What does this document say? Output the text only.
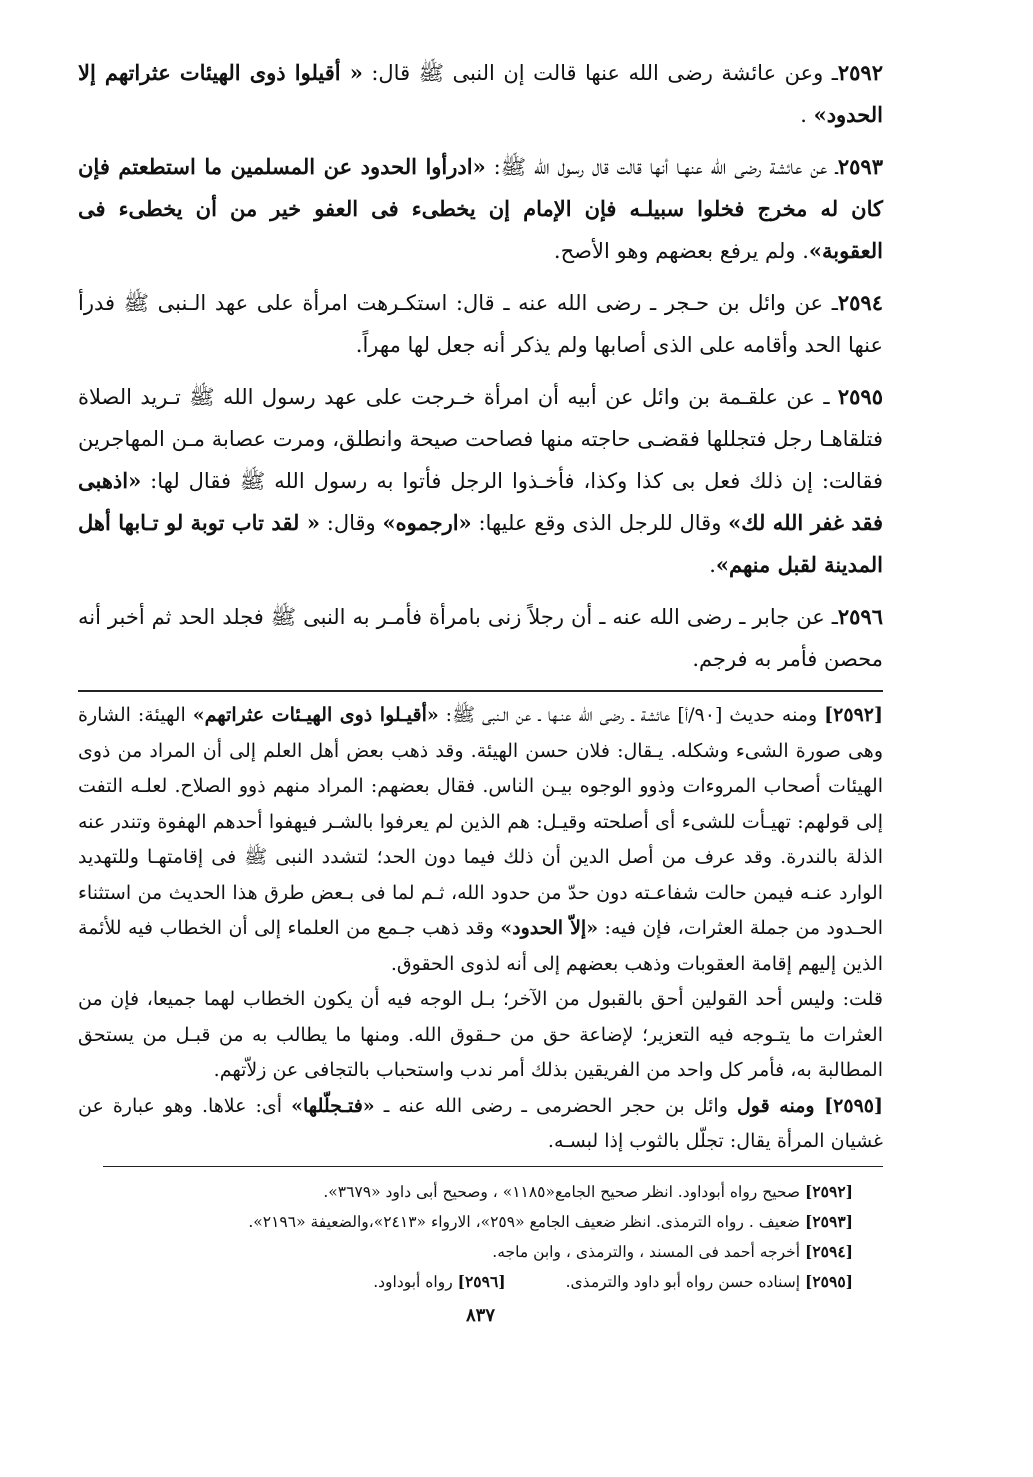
٢٥٩٢ـ وعن عائشة رضى الله عنها قالت إن النبى ﷺ قال: « أقيلوا ذوى الهيئات عثراتهم إلا الحدود» .

٢٥٩٣ـ عن عائشة رضى الله عنهـا أنها قالت قال رسول الله ﷺ: «ادرأوا الحدود عن المسلمين ما استطعتم فإن كان له مخرج فخلوا سبيلـه فإن الإمام إن يخطىء فى العفو خير من أن يخطىء فى العقوبة». ولم يرفع بعضهم وهو الأصح.

٢٥٩٤ـ عن وائل بن حـجر ـ رضى الله عنه ـ قال: استكـرهت امرأة على عهد الـنبى ﷺ فدرأ عنها الحد وأقامه على الذى أصابها ولم يذكر أنه جعل لها مهراً.

٢٥٩٥ ـ عن علقـمة بن وائل عن أبيه أن امرأة خـرجت على عهد رسول الله ﷺ تـريد الصلاة فتلقاهـا رجل فتجللها فقضـى حاجته منها فصاحت صيحة وانطلق، ومرت عصابة مـن المهاجرين فقالت: إن ذلك فعل بى كذا وكذا، فأخـذوا الرجل فأتوا به رسول الله ﷺ فقال لها: «اذهبى فقد غفر الله لك» وقال للرجل الذى وقع عليها: «ارجموه» وقال: « لقد تاب توبة لو تـابها أهل المدينة لقبل منهم».

٢٥٩٦ـ عن جابر ـ رضى الله عنه ـ أن رجلاً زنى بامرأة فأمـر به النبى ﷺ فجلد الحد ثم أخبر أنه محصن فأمر به فرجم.

[٢٥٩٢] ومنه حديث [٩٠/أ] عائشة ـ رضى الله عنـها ـ عن الـنبى ﷺ: «أقيـلوا ذوى الهيـئات عثراتهم» الهيئة: الشارة وهى صورة الشىء وشكله. يـقال: فلان حسن الهيئة. وقد ذهب بعض أهل العلم إلى أن المراد من ذوى الهيئات أصحاب المروءات وذوو الوجوه بيـن الناس. فقال بعضهم: المراد منهم ذوو الصلاح. لعلـه التفت إلى قولهم: تهيـأت للشىء أى أصلحته وقيـل: هم الذين لم يعرفوا بالشـر فيهفوا أحدهم الهفوة وتندر عنه الذلة بالندرة. وقد عرف من أصل الدين أن ذلك فيما دون الحد؛ لتشدد النبى ﷺ فى إقامتهـا وللتهديد الوارد عنـه فيمن حالت شفاعـته دون حدّ من حدود الله، ثـم لما فى بـعض طرق هذا الحديث من استثناء الحـدود من جملة العثرات، فإن فيه: «إلاّ الحدود» وقد ذهب جـمع من العلماء إلى أن الخطاب فيه للأئمة الذين إليهم إقامة العقوبات وذهب بعضهم إلى أنه لذوى الحقوق.

قلت: وليس أحد القولين أحق بالقبول من الآخر؛ بـل الوجه فيه أن يكون الخطاب لهما جميعا، فإن من العثرات ما يتـوجه فيه التعزير؛ لإضاعة حق من حـقوق الله. ومنها ما يطالب به من قبـل من يستحق المطالبة به، فأمر كل واحد من الفريقين بذلك أمر ندب واستحباب بالتجافى عن زلاّتهم.

[٢٥٩٥] ومنه قول وائل بن حجر الحضرمى ـ رضى الله عنه ـ «فتـجلّلها» أى: علاها. وهو عبارة عن غشيان المرأة يقال: تجلّل بالثوب إذا لبسـه.

[٢٥٩٢] صحيح رواه أبوداود. انظر صحيح الجامع«١١٨٥» ، وصحيح أبى داود «٣٦٧٩».

[٢٥٩٣] ضعيف . رواه الترمذى. انظر ضعيف الجامع «٢٥٩»، الارواء «٢٤١٣»،والضعيفة «٢١٩٦».

[٢٥٩٤] أخرجه أحمد فى المسند ، والترمذى ، وابن ماجه.

[٢٥٩٥] إسناده حسن رواه أبو داود والترمذى.
[٢٥٩٦] رواه أبوداود.
٨٣٧
